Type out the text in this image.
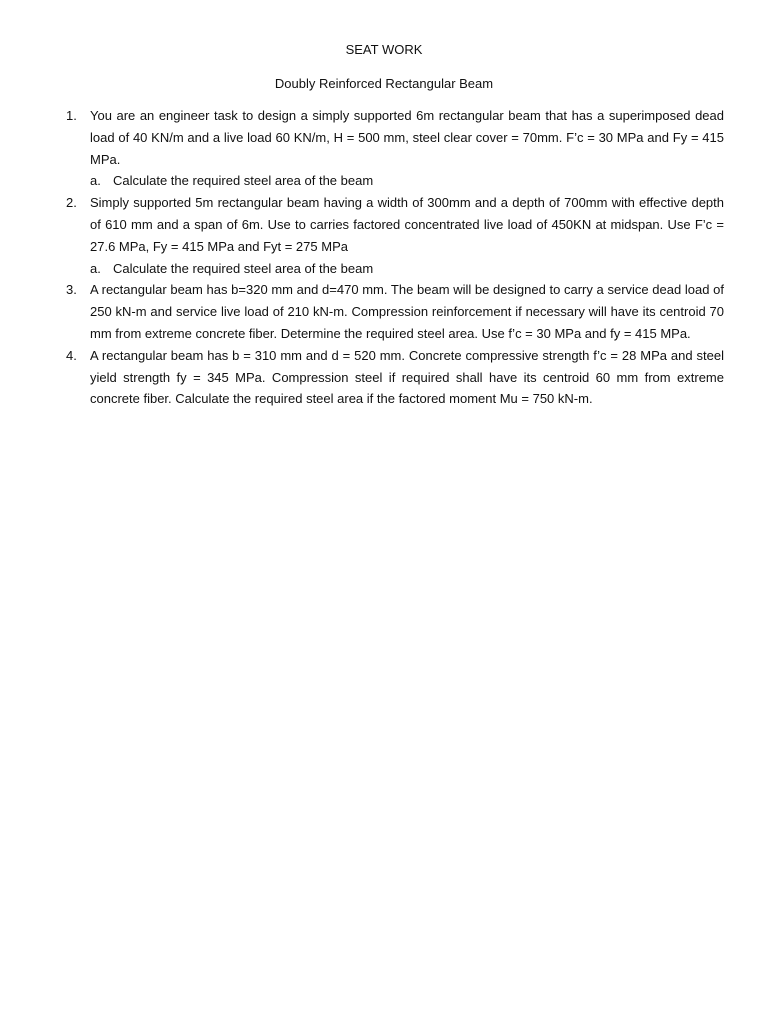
SEAT WORK
Doubly Reinforced Rectangular Beam
1.	You are an engineer task to design a simply supported 6m rectangular beam that has a superimposed dead load of 40 KN/m and a live load 60 KN/m, H = 500 mm, steel clear cover = 70mm. F’c = 30 MPa and Fy = 415 MPa.
a. Calculate the required steel area of the beam
2.	Simply supported 5m rectangular beam having a width of 300mm and a depth of 700mm with effective depth of 610 mm and a span of 6m. Use to carries factored concentrated live load of 450KN at midspan. Use F’c = 27.6 MPa, Fy = 415 MPa and Fyt = 275 MPa
a. Calculate the required steel area of the beam
3.	A rectangular beam has b=320 mm and d=470 mm. The beam will be designed to carry a service dead load of 250 kN-m and service live load of 210 kN-m. Compression reinforcement if necessary will have its centroid 70 mm from extreme concrete fiber. Determine the required steel area. Use f’c = 30 MPa and fy = 415 MPa.
4.	A rectangular beam has b = 310 mm and d = 520 mm. Concrete compressive strength f’c = 28 MPa and steel yield strength fy = 345 MPa. Compression steel if required shall have its centroid 60 mm from extreme concrete fiber. Calculate the required steel area if the factored moment Mu = 750 kN-m.
